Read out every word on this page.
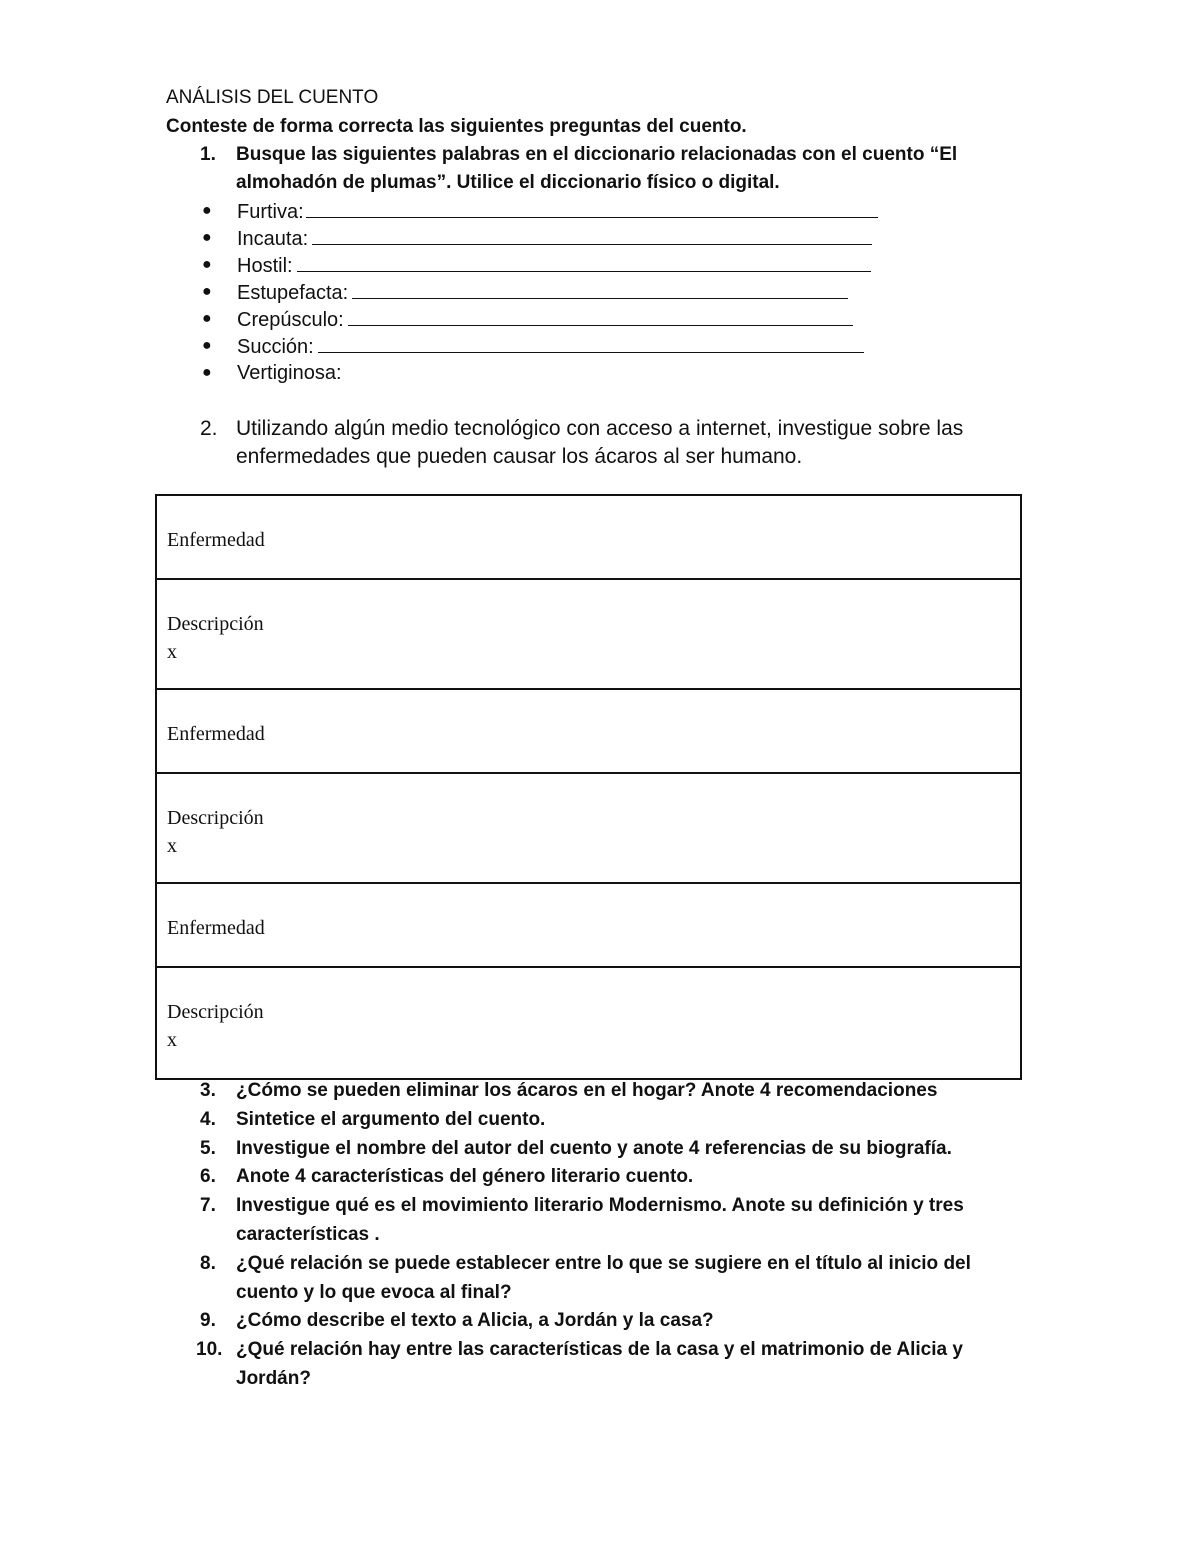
ANÁLISIS DEL CUENTO
Conteste de forma correcta las siguientes preguntas del cuento.
1.	Busque las siguientes palabras en el diccionario relacionadas con el cuento “El almohadón de plumas”. Utilice el diccionario físico o digital.
● Furtiva:
● Incauta:
● Hostil:
● Estupefacta:
● Crepúsculo:
● Succión:
● Vertiginosa:
2. Utilizando algún medio tecnológico con acceso a internet, investigue sobre las enfermedades que pueden causar los ácaros al ser humano.
Enfermedad
Descripción
x
Enfermedad
Descripción
x
Enfermedad
Descripción
x
3. ¿Cómo se pueden eliminar los ácaros en el hogar? Anote 4 recomendaciones
4. Sintetice el argumento del cuento.
5. Investigue el nombre del autor del cuento y anote 4 referencias de su biografía.
6. Anote 4 características del género literario cuento.
7. Investigue qué es el movimiento literario Modernismo. Anote su definición y tres características .
8. ¿Qué relación se puede establecer entre lo que se sugiere en el título al inicio del cuento y lo que evoca al final?
9. ¿Cómo describe el texto a Alicia, a Jordán y la casa?
10. ¿Qué relación hay entre las características de la casa y el matrimonio de Alicia y Jordán?
